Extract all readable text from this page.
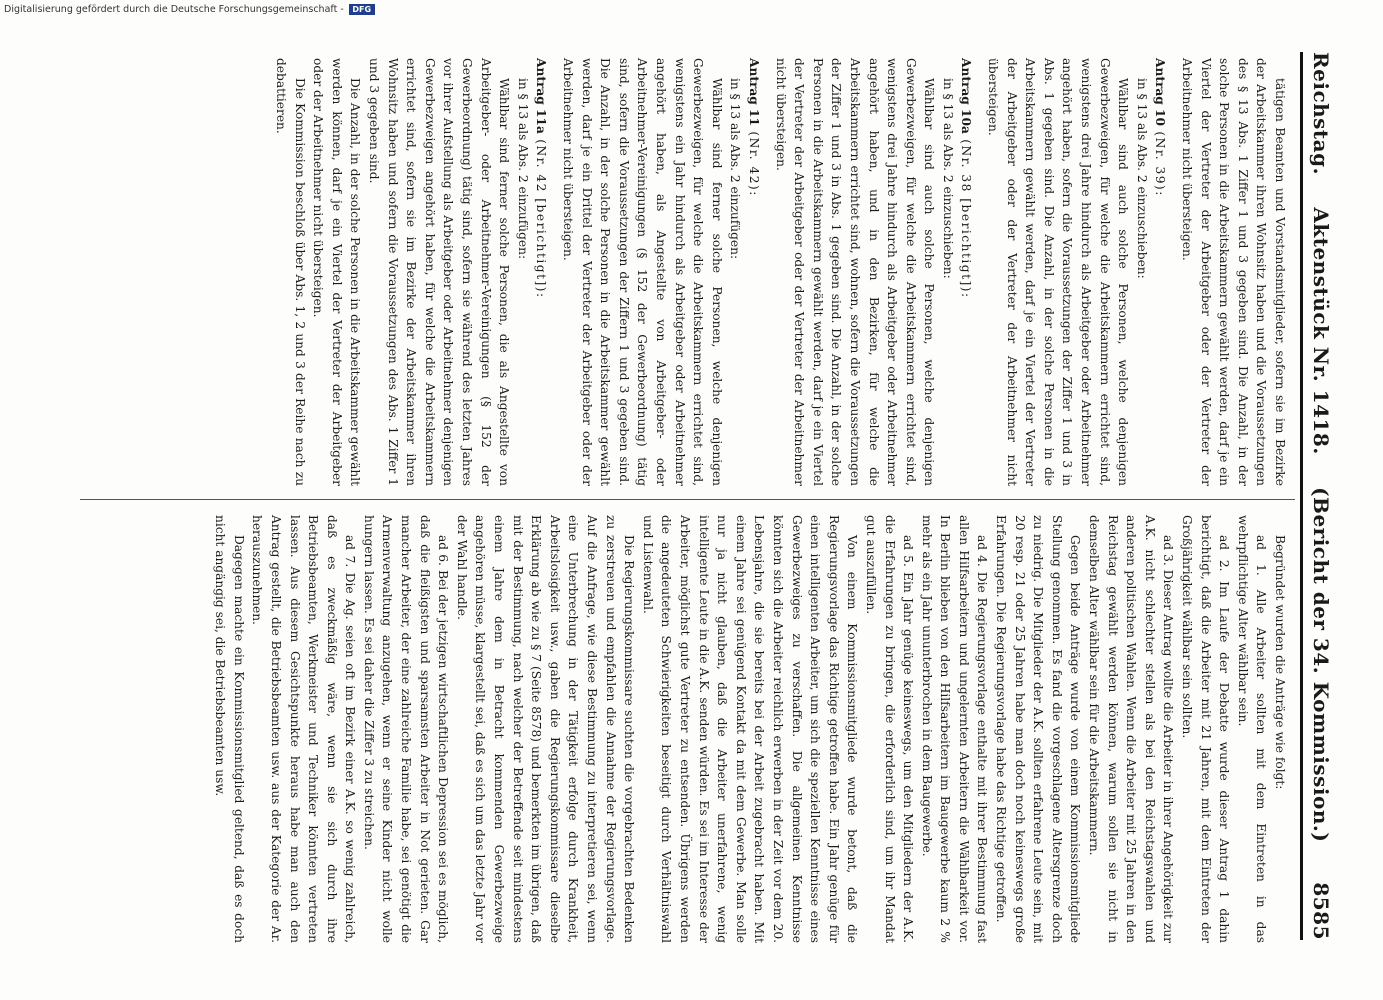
Reichstag.
Aktenstück Nr. 1418.
(Bericht der 34. Kommission.)
8585

tätigen Beamten und Vorstandsmitglieder, sofern sie im Bezirke der Arbeitskammer ihren Wohnsitz haben und die Voraussetzungen des § 13 Abs. 1 Ziffer 1 und 3 gegeben sind. Die Anzahl, in der solche Personen in die Arbeitskammern gewählt werden, darf je ein Viertel der Vertreter der Arbeitgeber oder der Vertreter der Arbeitnehmer nicht übersteigen.

Antrag 10 (Nr. 39):

in § 13 als Abs. 2 einzuschieben:

Wählbar sind auch solche Personen, welche denjenigen Gewerbezweigen, für welche die Arbeitskammern errichtet sind, wenigstens drei Jahre hindurch als Arbeitgeber oder Arbeitnehmer angehört haben, sofern die Voraussetzungen der Ziffer 1 und 3 in Abs. 1 gegeben sind. Die Anzahl, in der solche Personen in die Arbeitskammern gewählt werden, darf je ein Viertel der Vertreter der Arbeitgeber oder der Vertreter der Arbeitnehmer nicht übersteigen.

Antrag 10a (Nr. 38 [berichtigt]):

in § 13 als Abs. 2 einzuschieben:

Wählbar sind auch solche Personen, welche denjenigen Gewerbezweigen, für welche die Arbeitskammern errichtet sind, wenigstens drei Jahre hindurch als Arbeitgeber oder Arbeitnehmer angehört haben, und in den Bezirken, für welche die Arbeitskammern errichtet sind, wohnen, sofern die Voraussetzungen der Ziffer 1 und 3 in Abs. 1 gegeben sind. Die Anzahl, in der solche Personen in die Arbeitskammern gewählt werden, darf je ein Viertel der Vertreter der Arbeitgeber oder der Vertreter der Arbeitnehmer nicht übersteigen.

Antrag 11 (Nr. 42):

in § 13 als Abs. 2 einzufügen:

Wählbar sind ferner solche Personen, welche denjenigen Gewerbezweigen, für welche die Arbeitskammern errichtet sind, wenigstens ein Jahr hindurch als Arbeitgeber oder Arbeitnehmer angehört haben, als Angestellte von Arbeitgeber- oder Arbeitnehmer-Vereinigungen (§ 152 der Gewerbeordnung) tätig sind, sofern die Voraussetzungen der Ziffern 1 und 3 gegeben sind. Die Anzahl, in der solche Personen in die Arbeitskammer gewählt werden, darf je ein Drittel der Vertreter der Arbeitgeber oder der Arbeitnehmer nicht übersteigen.

Antrag 11a (Nr. 42 [berichtigt]):

in § 13 als Abs. 2 einzufügen:

Wählbar sind ferner solche Personen, die als Angestellte von Arbeitgeber- oder Arbeitnehmer-Vereinigungen (§ 152 der Gewerbeordnung) tätig sind, sofern sie während des letzten Jahres vor ihrer Aufstellung als Arbeitgeber oder Arbeitnehmer denjenigen Gewerbezweigen angehört haben, für welche die Arbeitskammern errichtet sind, sofern sie im Bezirke der Arbeitskammer ihren Wohnsitz haben und sofern die Voraussetzungen des Abs. 1 Ziffer 1 und 3 gegeben sind.

Die Anzahl, in der solche Personen in die Arbeitskammer gewählt werden können, darf je ein Viertel der Vertreter der Arbeitgeber oder der Arbeitnehmer nicht übersteigen.

Die Kommission beschloß über Abs. 1, 2 und 3 der Reihe nach zu debattieren.

Begründet wurden die Anträge wie folgt:

ad 1. Alle Arbeiter sollten mit dem Eintreten in das wehrpflichtige Alter wählbar sein.

ad 2. Im Laufe der Debatte wurde dieser Antrag 1 dahin berichtigt, daß die Arbeiter mit 21 Jahren, mit dem Eintreten der Großjährigkeit wählbar sein sollten.

ad 3. Dieser Antrag wollte die Arbeiter in ihrer Angehörigkeit zur A.K. nicht schlechter stellen als bei den Reichstagswahlen und anderen politischen Wahlen. Wenn die Arbeiter mit 25 Jahren in den Reichstag gewählt werden können, warum sollen sie nicht in demselben Alter wählbar sein für die Arbeitskammern.

Gegen beide Anträge wurde von einem Kommissionsmitgliede Stellung genommen. Es fand die vorgeschlagene Altersgrenze doch zu niedrig. Die Mitglieder der A.K. sollten erfahrene Leute sein, mit 20 resp. 21 oder 25 Jahren habe man doch noch keineswegs große Erfahrungen. Die Regierungsvorlage habe das Richtige getroffen.

ad 4. Die Regierungsvorlage enthalte mit ihrer Bestimmung fast allen Hilfsarbeitern und ungelernten Arbeitern die Wählbarkeit vor. In Berlin blieben von den Hilfsarbeitern im Baugewerbe kaum 2 % mehr als ein Jahr ununterbrochen in dem Baugewerbe.

ad 5. Ein Jahr genüge keineswegs, um den Mitgliedern der A.K. die Erfahrungen zu bringen, die erforderlich sind, um ihr Mandat gut auszufüllen.

Von einem Kommissionsmitgliede wurde betont, daß die Regierungsvorlage das Richtige getroffen habe. Ein Jahr genüge für einen intelligenten Arbeiter, um sich die speziellen Kenntnisse eines Gewerbezweiges zu verschaffen. Die allgemeinen Kenntnisse könnten sich die Arbeiter reichlich erwerben in der Zeit vor dem 20. Lebensjahre, die sie bereits bei der Arbeit zugebracht haben. Mit einem Jahre sei genügend Kontakt da mit dem Gewerbe. Man solle nur ja nicht glauben, daß die Arbeiter unerfahrene, wenig intelligente Leute in die A.K. senden würden. Es sei im Interesse der Arbeiter, möglichst gute Vertreter zu entsenden. Übrigens werden die angedeuteten Schwierigkeiten beseitigt durch Verhältniswahl und Listenwahl.

Die Regierungskommissare suchten die vorgebrachten Bedenken zu zerstreuen und empfahlen die Annahme der Regierungsvorlage. Auf die Anfrage, wie diese Bestimmung zu interpretieren sei, wenn eine Unterbrechung in der Tätigkeit erfolge durch Krankheit, Arbeitslosigkeit usw., gaben die Regierungskommissare dieselbe Erklärung ab wie zu § 7 (Seite 8578) und bemerkten im übrigen, daß mit der Bestimmung, nach welcher der Betreffende seit mindestens einem Jahre dem in Betracht kommenden Gewerbezweige angehören müsse, klargestellt sei, daß es sich um das letzte Jahr vor der Wahl handle.

ad 6. Bei der jetzigen wirtschaftlichen Depression sei es möglich, daß die fleißigsten und sparsamsten Arbeiter in Not gerieten. Gar mancher Arbeiter, der eine zahlreiche Familie habe, sei genötigt die Armenverwaltung anzugehen, wenn er seine Kinder nicht wolle hungern lassen. Es sei daher die Ziffer 3 zu streichen.

ad 7. Die Ag. seien oft im Bezirk einer A.K. so wenig zahlreich, daß es zweckmäßig wäre, wenn sie sich durch ihre Betriebsbeamten, Werkmeister und Techniker könnten vertreten lassen. Aus diesem Gesichtspunkte heraus habe man auch den Antrag gestellt, die Betriebsbeamten usw. aus der Kategorie der Ar. herauszunehmen.

Dagegen machte ein Kommissionsmitglied geltend, daß es doch nicht angängig sei, die Betriebsbeamten usw.

Digitalisierung gefördert durch die Deutsche Forschungsgemeinschaft -	DFG
